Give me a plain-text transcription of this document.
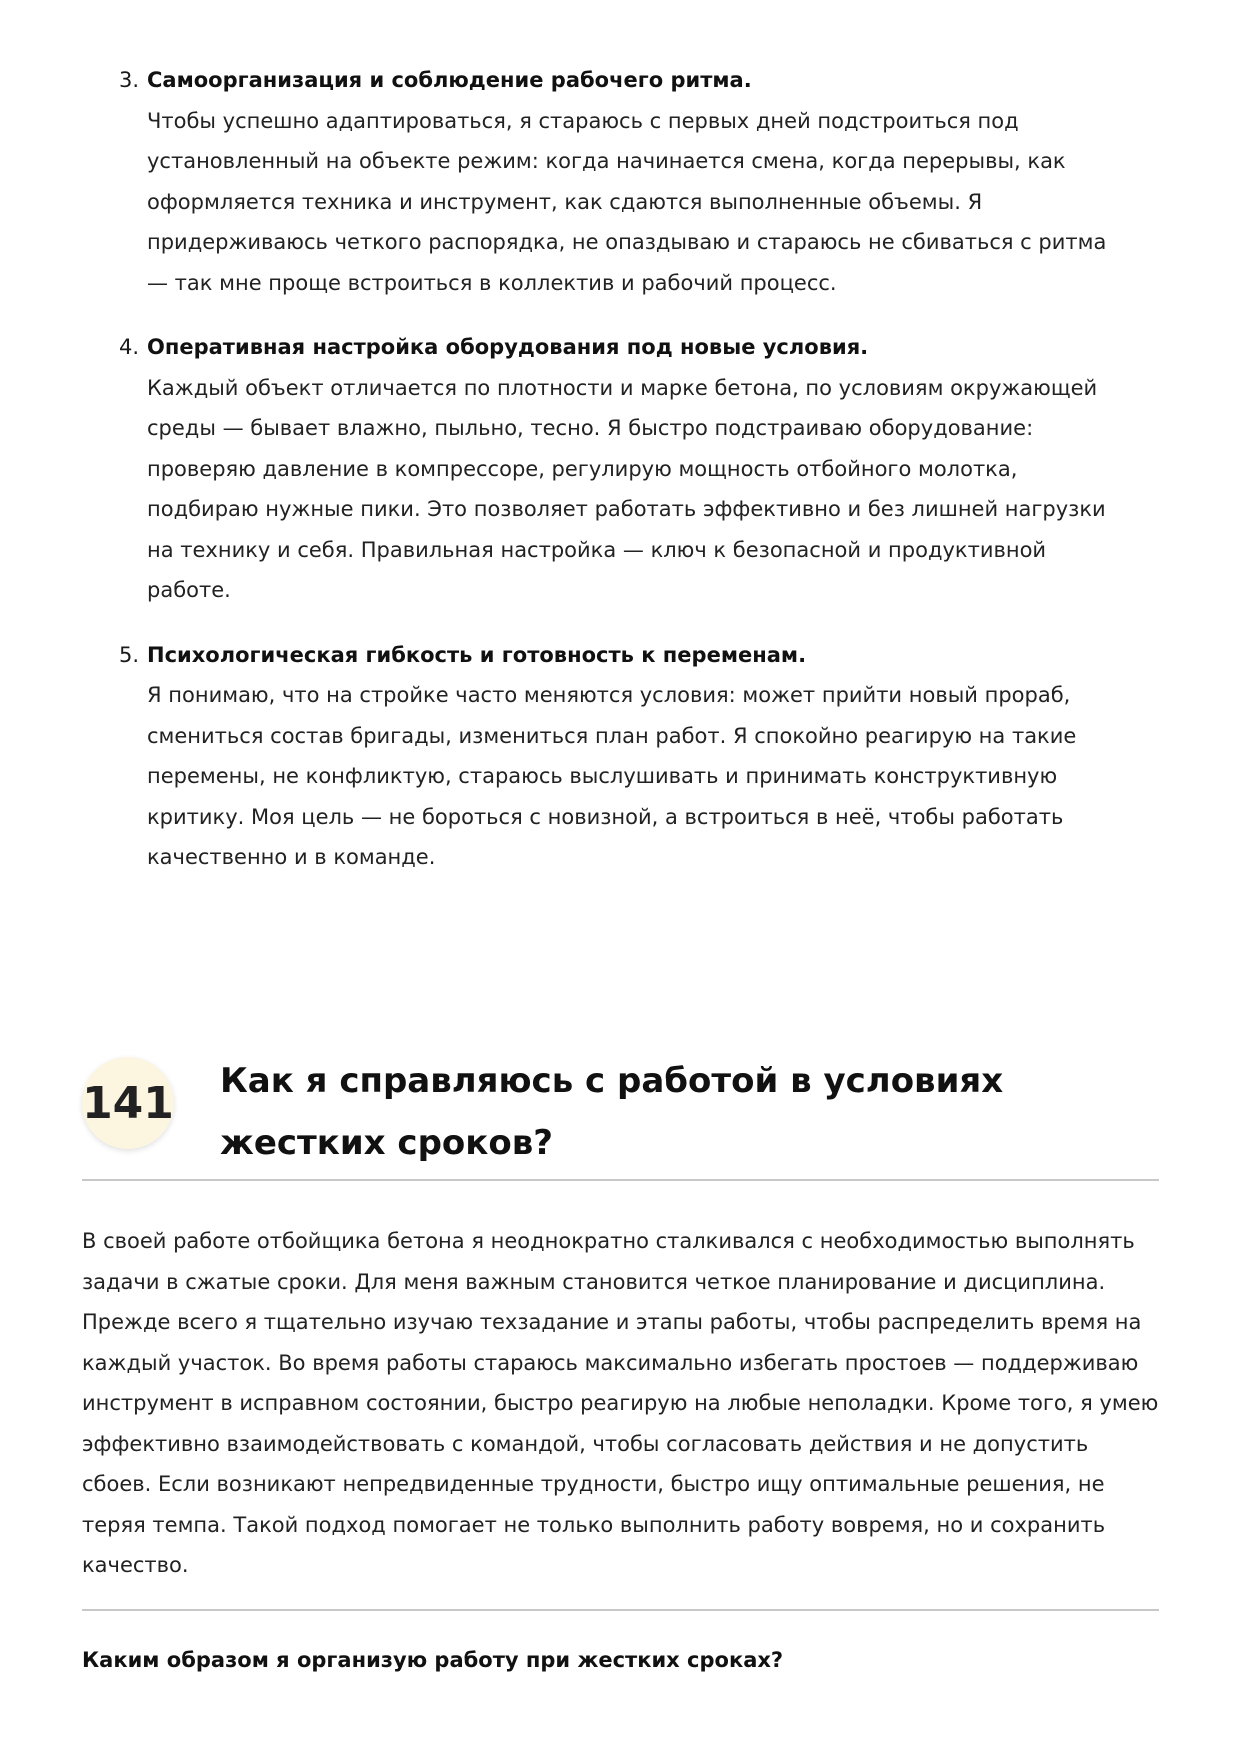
3. Самоорганизация и соблюдение рабочего ритма.
Чтобы успешно адаптироваться, я стараюсь с первых дней подстроиться под установленный на объекте режим: когда начинается смена, когда перерывы, как оформляется техника и инструмент, как сдаются выполненные объемы. Я придерживаюсь четкого распорядка, не опаздываю и стараюсь не сбиваться с ритма — так мне проще встроиться в коллектив и рабочий процесс.
4. Оперативная настройка оборудования под новые условия.
Каждый объект отличается по плотности и марке бетона, по условиям окружающей среды — бывает влажно, пыльно, тесно. Я быстро подстраиваю оборудование: проверяю давление в компрессоре, регулирую мощность отбойного молотка, подбираю нужные пики. Это позволяет работать эффективно и без лишней нагрузки на технику и себя. Правильная настройка — ключ к безопасной и продуктивной работе.
5. Психологическая гибкость и готовность к переменам.
Я понимаю, что на стройке часто меняются условия: может прийти новый прораб, смениться состав бригады, измениться план работ. Я спокойно реагирую на такие перемены, не конфликтую, стараюсь выслушивать и принимать конструктивную критику. Моя цель — не бороться с новизной, а встроиться в неё, чтобы работать качественно и в команде.
141 Как я справляюсь с работой в условиях жестких сроков?

В своей работе отбойщика бетона я неоднократно сталкивался с необходимостью выполнять задачи в сжатые сроки. Для меня важным становится четкое планирование и дисциплина. Прежде всего я тщательно изучаю техзадание и этапы работы, чтобы распределить время на каждый участок. Во время работы стараюсь максимально избегать простоев — поддерживаю инструмент в исправном состоянии, быстро реагирую на любые неполадки. Кроме того, я умею эффективно взаимодействовать с командой, чтобы согласовать действия и не допустить сбоев. Если возникают непредвиденные трудности, быстро ищу оптимальные решения, не теряя темпа. Такой подход помогает не только выполнить работу вовремя, но и сохранить качество.

Каким образом я организую работу при жестких сроках?
